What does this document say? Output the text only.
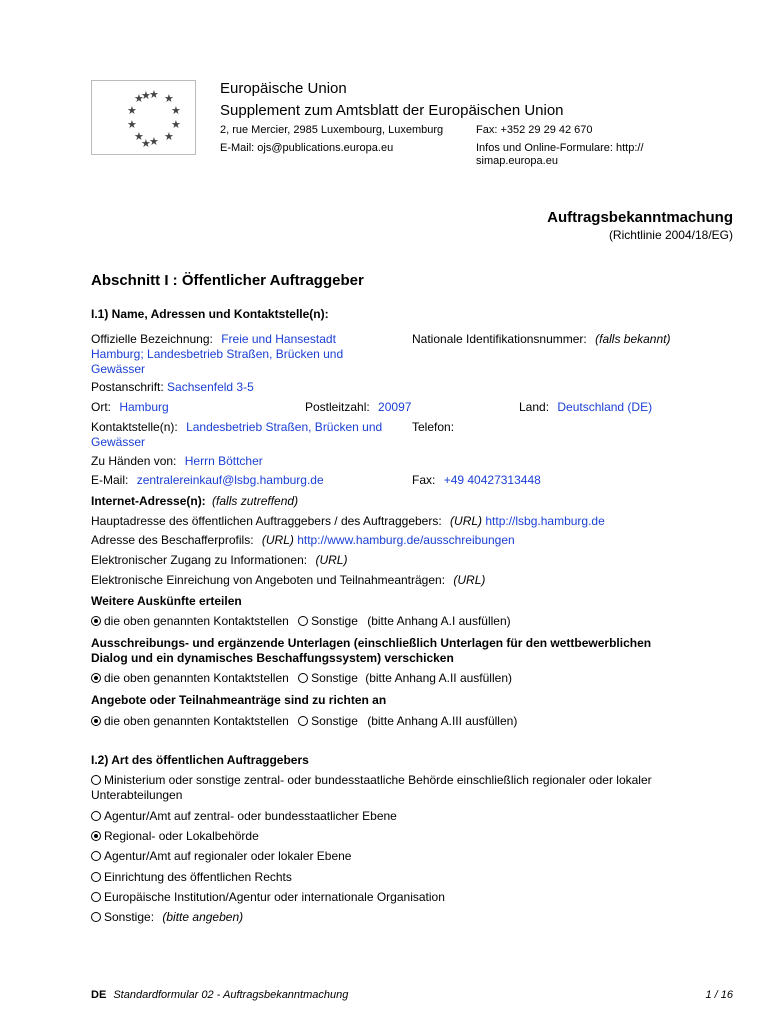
★ ★
★
★
★
★
★
★
★
★
★
★
Europäische Union
Supplement zum Amtsblatt der Europäischen Union
2, rue Mercier, 2985 Luxembourg, Luxemburg	Fax: +352 29 29 42 670
E-Mail: ojs@publications.europa.eu	Infos und Online-Formulare: http://
simap.europa.eu
Auftragsbekanntmachung
(Richtlinie 2004/18/EG)
Abschnitt I : Öffentlicher Auftraggeber
I.1) Name, Adressen und Kontaktstelle(n):
Offizielle Bezeichnung: Freie und Hansestadt
Hamburg; Landesbetrieb Straßen, Brücken und
Gewässer
Nationale Identifikationsnummer: (falls bekannt)
Postanschrift: Sachsenfeld 3-5
Ort: Hamburg	Postleitzahl: 20097	Land: Deutschland (DE)
Kontaktstelle(n): Landesbetrieb Straßen, Brücken und
Gewässer
Telefon:
Zu Händen von: Herrn Böttcher
E-Mail: zentralereinkauf@lsbg.hamburg.de	Fax: +49 40427313448
Internet-Adresse(n): (falls zutreffend)
Hauptadresse des öffentlichen Auftraggebers / des Auftraggebers: (URL) http://lsbg.hamburg.de
Adresse des Beschafferprofils: (URL) http://www.hamburg.de/ausschreibungen
Elektronischer Zugang zu Informationen: (URL)
Elektronische Einreichung von Angeboten und Teilnahmeanträgen: (URL)
Weitere Auskünfte erteilen
die oben genannten Kontaktstellen Sonstige (bitte Anhang A.I ausfüllen)
Ausschreibungs- und ergänzende Unterlagen (einschließlich Unterlagen für den wettbewerblichen
Dialog und ein dynamisches Beschaffungssystem) verschicken
die oben genannten Kontaktstellen Sonstige (bitte Anhang A.II ausfüllen)
Angebote oder Teilnahmeanträge sind zu richten an
die oben genannten Kontaktstellen Sonstige (bitte Anhang A.III ausfüllen)
I.2) Art des öffentlichen Auftraggebers
Ministerium oder sonstige zentral- oder bundesstaatliche Behörde einschließlich regionaler oder lokaler
Unterabteilungen
Agentur/Amt auf zentral- oder bundesstaatlicher Ebene
Regional- oder Lokalbehörde
Agentur/Amt auf regionaler oder lokaler Ebene
Einrichtung des öffentlichen Rechts
Europäische Institution/Agentur oder internationale Organisation
Sonstige: (bitte angeben)
DE Standardformular 02 - Auftragsbekanntmachung	1 / 16
